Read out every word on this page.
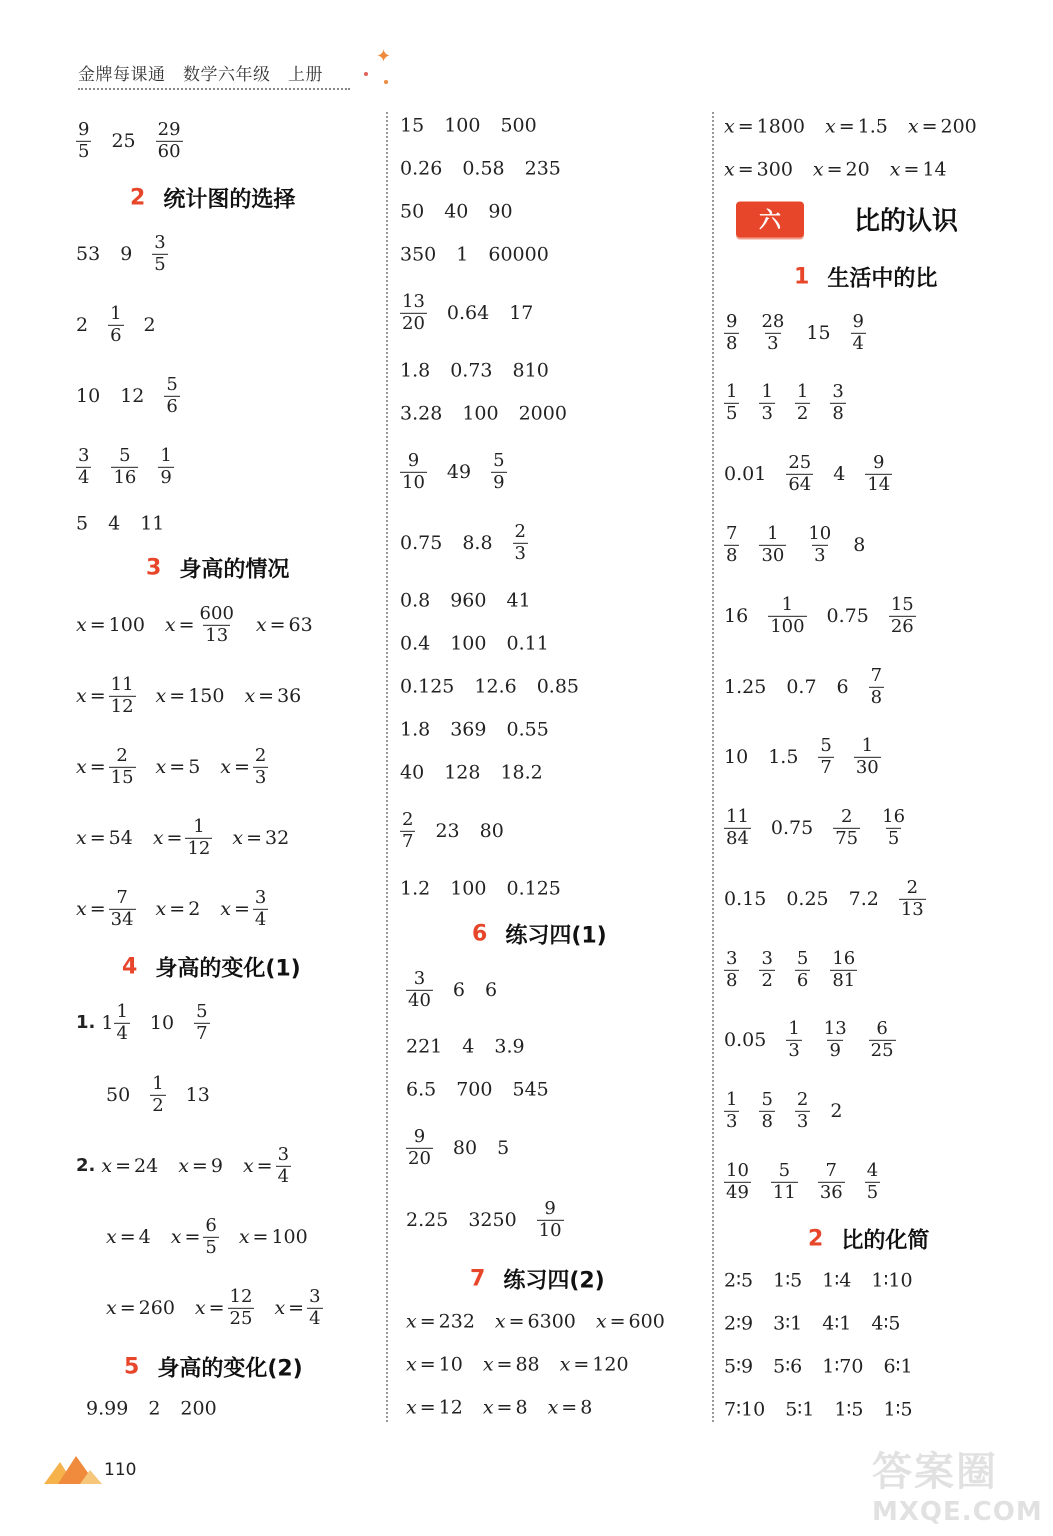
金牌每课通　数学六年级　上册
✦
$\frac{9}{5} 25 \frac{29}{60}$
2 统计图的选择
53 $9 \frac{3}{5}$
$2 \frac{1}{6} 2$
10 $12 \frac{5}{6}$
$\frac{3}{4} \frac{5}{16} \frac{1}{9}$
5 4 11
3 身高的情况
x = 100 $x = \frac{600}{13}$ x = 63
$x = \frac{11}{12}$ x = 150 x = 36
$x = \frac{2}{15}$ x = 5 $x = \frac{2}{3}$
x = 54 $x = \frac{1}{12}$ x = 32
$x = \frac{7}{34}$ x = 2 $x = \frac{3}{4}$
4 身高的变化(1)
1. $1 \frac{1}{4} 10 \frac{5}{7}$
$50 \frac{1}{2} 13$
2. x = 24 x = 9 $x = \frac{3}{4}$
x = 4 $x = \frac{6}{5}$ x = 100
x = 260 $x = \frac{12}{25}$ $x = \frac{3}{4}$
5 身高的变化(2)
9.99 2 200
15 100 500
0.26 0.58 235
50 40 90
350 1 60000
$\frac{13}{20} 0.64$ 17
1.8 0.73 810
3.28 100 2000
$\frac{9}{10} 49 \frac{5}{9}$
0.75 $8.8 \frac{2}{3}$
0.8 960 41
0.4 100 0.11
0.125 12.6 0.85
1.8 369 0.55
40 128 18.2
$\frac{2}{7} 23$ 80
1.2 100 0.125
6 练习四(1)
$\frac{3}{40} 6$ 6
221 4 3.9
6.5 700 545
$\frac{9}{20} 80$ 5
2.25 $3250 \frac{9}{10}$
7 练习四(2)
x = 232 x = 6300 x = 600
x = 10 x = 88 x = 120
x = 12 x = 8 x = 8
x = 1800 x = 1.5 x = 200
x = 300 x = 20 x = 14
六	比的认识
1 生活中的比
$\frac{9}{8} \frac{28}{3} 15 \frac{9}{4}$
$\frac{1}{5} \frac{1}{3} \frac{1}{2} \frac{3}{8}$
$0.01 \frac{25}{64} 4 \frac{9}{14}$
$\frac{7}{8} \frac{1}{30} \frac{10}{3} 8$
$16 \frac{1}{100} 0.75 \frac{15}{26}$
1.25 0.7 $6 \frac{7}{8}$
10 $1.5 \frac{5}{7} \frac{1}{30}$
$\frac{11}{84} 0.75 \frac{2}{75} \frac{16}{5}$
0.15 0.25 $7.2 \frac{2}{13}$
$\frac{3}{8} \frac{3}{2} \frac{5}{6} \frac{16}{81}$
$0.05 \frac{1}{3} \frac{13}{9} \frac{6}{25}$
$\frac{1}{3} \frac{5}{8} \frac{2}{3} 2$
$\frac{10}{49} \frac{5}{11} \frac{7}{36} \frac{4}{5}$
2 比的化简
2∶5 1∶5 1∶4 1∶10
2∶9 3∶1 4∶1 4∶5
5∶9 5∶6 1∶70 6∶1
7∶10 5∶1 1∶5 1∶5
110	答案圈
MXQE.COM
